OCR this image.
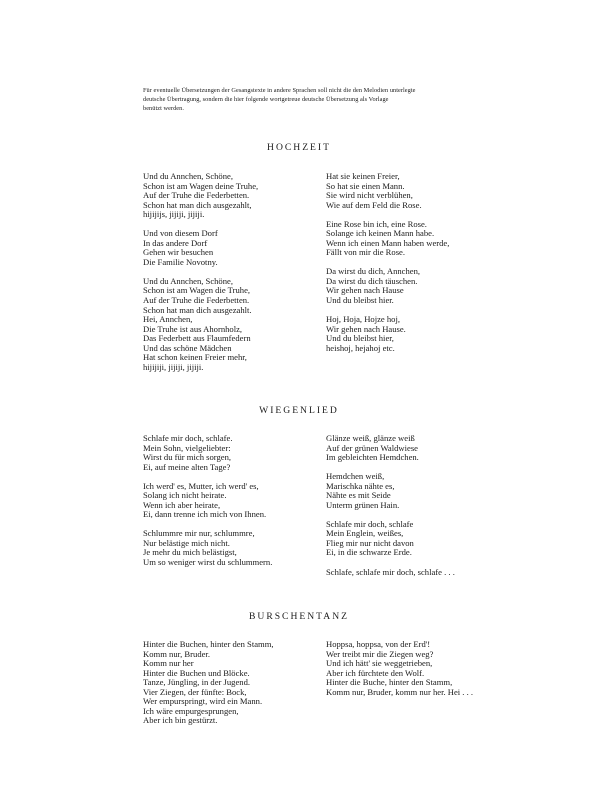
Für eventuelle Übersetzungen der Gesangstexte in andere Sprachen soll nicht die den Melodien unterlegte
deutsche Übertragung, sondern die hier folgende wortgetreue deutsche Übersetzung als Vorlage
benützt werden.
HOCHZEIT
Und du Annchen, Schöne,
Schon ist am Wagen deine Truhe,
Auf der Truhe die Federbetten.
Schon hat man dich ausgezahlt,
hijijijs, jijiji, jijiji.
Und von diesem Dorf
In das andere Dorf
Gehen wir besuchen
Die Familie Novotny.
Und du Annchen, Schöne,
Schon ist am Wagen die Truhe,
Auf der Truhe die Federbetten.
Schon hat man dich ausgezahlt.
Hei, Annchen,
Die Truhe ist aus Ahornholz,
Das Federbett aus Flaumfedern
Und das schöne Mädchen
Hat schon keinen Freier mehr,
hijijiji, jijiji, jijiji.
Hat sie keinen Freier,
So hat sie einen Mann.
Sie wird nicht verblühen,
Wie auf dem Feld die Rose.
Eine Rose bin ich, eine Rose.
Solange ich keinen Mann habe.
Wenn ich einen Mann haben werde,
Fällt von mir die Rose.
Da wirst du dich, Annchen,
Da wirst du dich täuschen.
Wir gehen nach Hause
Und du bleibst hier.
Hoj, Hoja, Hojze hoj,
Wir gehen nach Hause.
Und du bleibst hier,
heishoj, hejahoj etc.
WIEGENLIED
Schlafe mir doch, schlafe.
Mein Sohn, vielgeliebter:
Wirst du für mich sorgen,
Ei, auf meine alten Tage?
Ich werd' es, Mutter, ich werd' es,
Solang ich nicht heirate.
Wenn ich aber heirate,
Ei, dann trenne ich mich von Ihnen.
Schlummre mir nur, schlummre,
Nur belästige mich nicht.
Je mehr du mich belästigst,
Um so weniger wirst du schlummern.
Glänze weiß, glänze weiß
Auf der grünen Waldwiese
Im gebleichten Hemdchen.
Hemdchen weiß,
Marischka nähte es,
Nähte es mit Seide
Unterm grünen Hain.
Schlafe mir doch, schlafe
Mein Englein, weißes,
Flieg mir nur nicht davon
Ei, in die schwarze Erde.
Schlafe, schlafe mir doch, schlafe . . .
BURSCHENTANZ
Hinter die Buchen, hinter den Stamm,
Komm nur, Bruder.
Komm nur her
Hinter die Buchen und Blöcke.
Tanze, Jüngling, in der Jugend.
Vier Ziegen, der fünfte: Bock,
Wer empurspringt, wird ein Mann.
Ich wäre empurgesprungen,
Aber ich bin gestürzt.
Hoppsa, hoppsa, von der Erd'!
Wer treibt mir die Ziegen weg?
Und ich hätt' sie weggetrieben,
Aber ich fürchtete den Wolf.
Hinter die Buche, hinter den Stamm,
Komm nur, Bruder, komm nur her. Hei . . .
